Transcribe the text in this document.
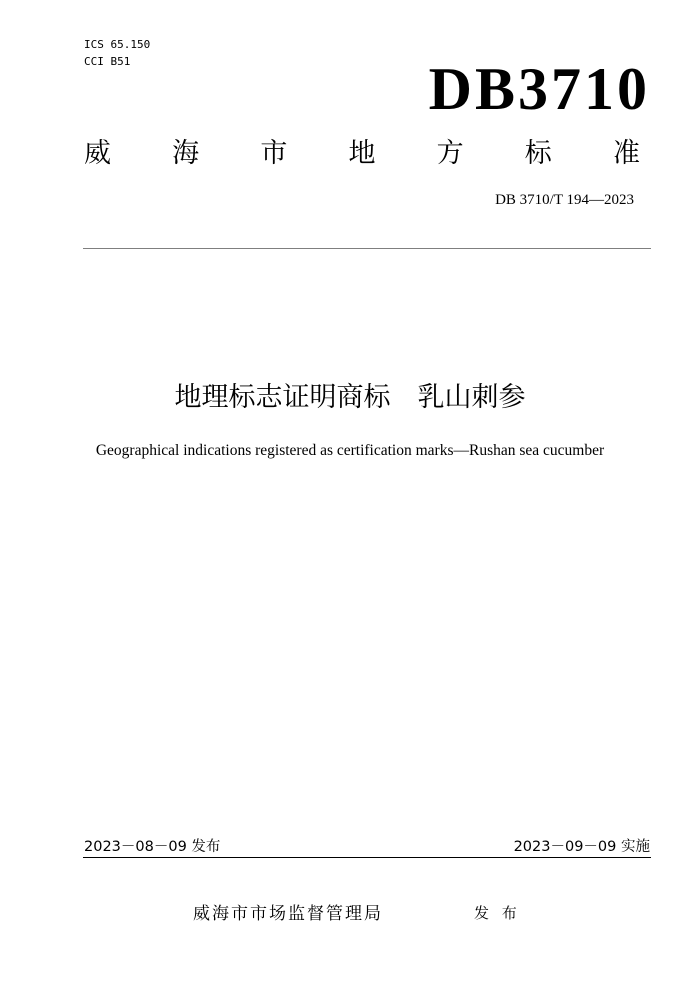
ICS 65.150
CCI B51	DB3710
威 海 市 地 方 标 准
DB 3710/T 194—2023
地理标志证明商标　 乳山刺参
Geographical indications registered as certification marks—Rushan sea cucumber
2023－08－09 发布	2023－09－09 实施
威海市市场监督管理局	发 布
